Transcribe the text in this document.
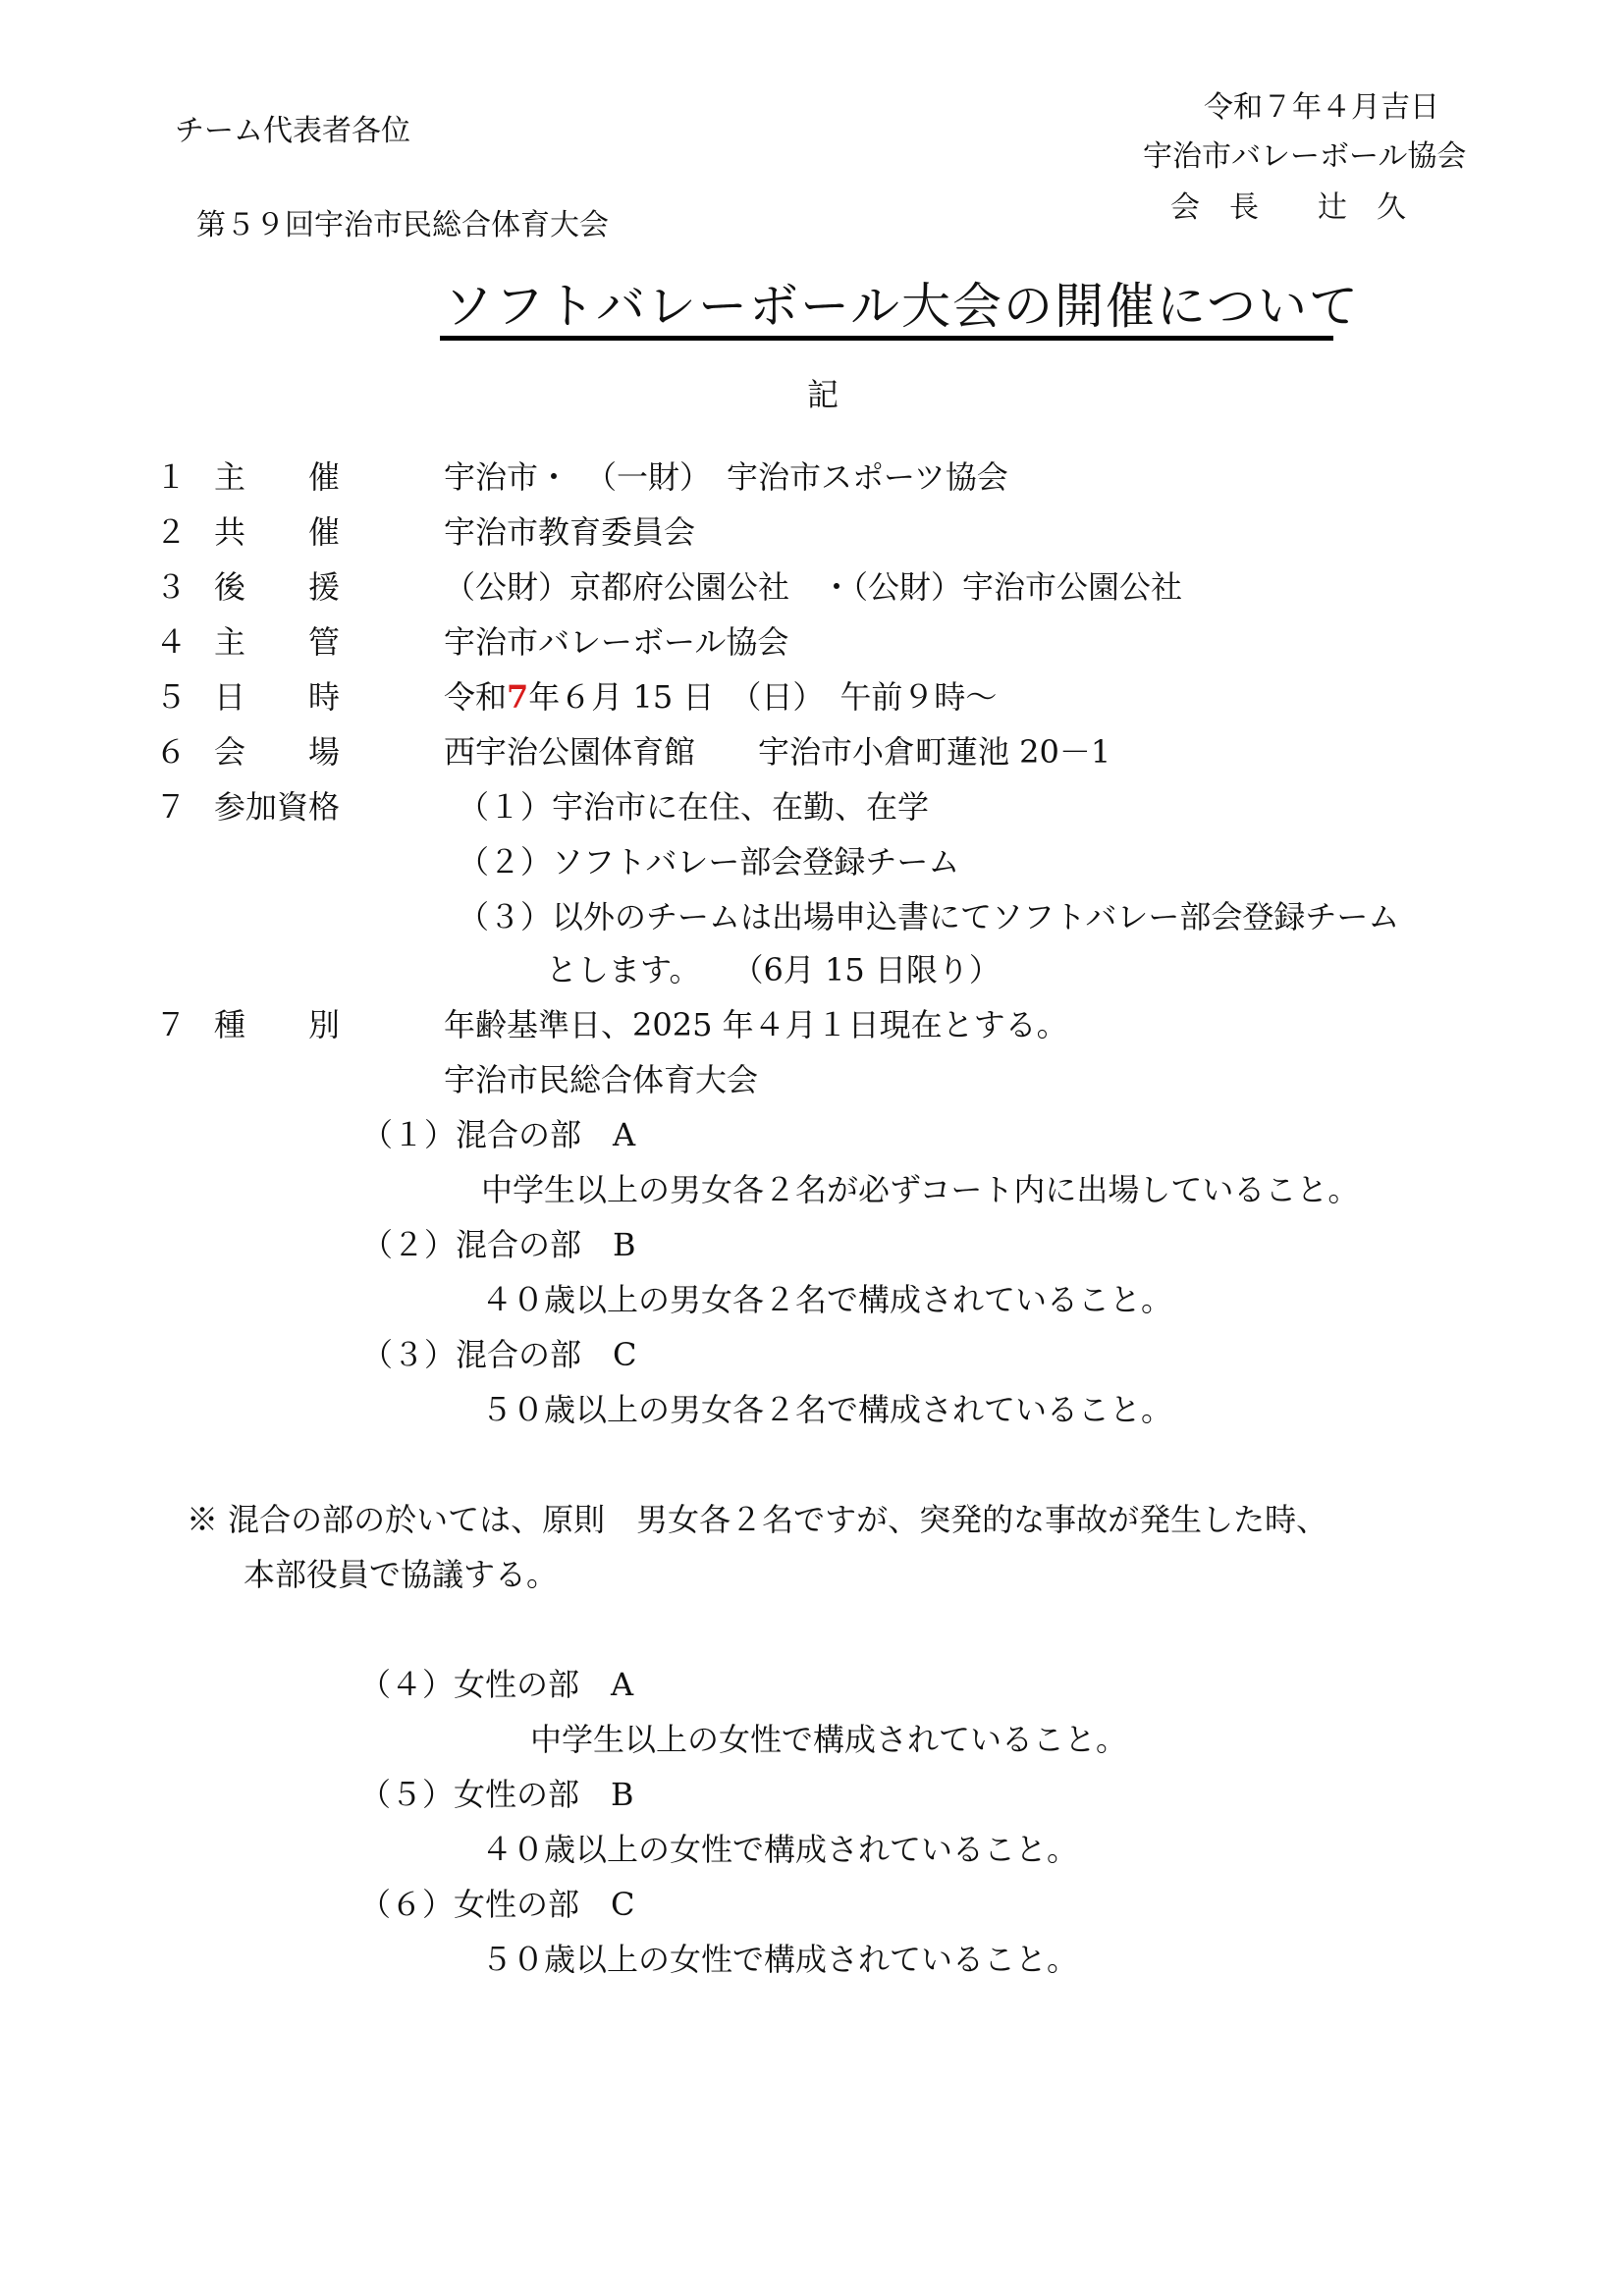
チーム代表者各位
令和７年４月吉日
宇治市バレーボール協会
会　長　　辻　久
第５９回宇治市民総合体育大会
ソフトバレーボール大会の開催について
記
１ 主　　催	宇治市・　（一財）　宇治市スポーツ協会
２ 共　　催	宇治市教育委員会
３ 後　　援	（公財）京都府公園公社　・（公財）宇治市公園公社
４ 主　　管	宇治市バレーボール協会
５ 日　　時	令和7年６月 15 日　（日）　午前９時～
６ 会　　場	西宇治公園体育館　　宇治市小倉町蓮池 20－1
７ 参加資格	（１）宇治市に在住、在勤、在学
（２）ソフトバレー部会登録チーム
（３）以外のチームは出場申込書にてソフトバレー部会登録チーム
とします。　　（6月 15 日限り）
７ 種　　別	年齢基準日、2025 年４月１日現在とする。
宇治市民総合体育大会
（１）混合の部　A
中学生以上の男女各２名が必ずコート内に出場していること。
（２）混合の部　B
４０歳以上の男女各２名で構成されていること。
（３）混合の部　C
５０歳以上の男女各２名で構成されていること。
※ 混合の部の於いては、原則　男女各２名ですが、突発的な事故が発生した時、
本部役員で協議する。
（４）女性の部　A
中学生以上の女性で構成されていること。
（５）女性の部　B
４０歳以上の女性で構成されていること。
（６）女性の部　C
５０歳以上の女性で構成されていること。
